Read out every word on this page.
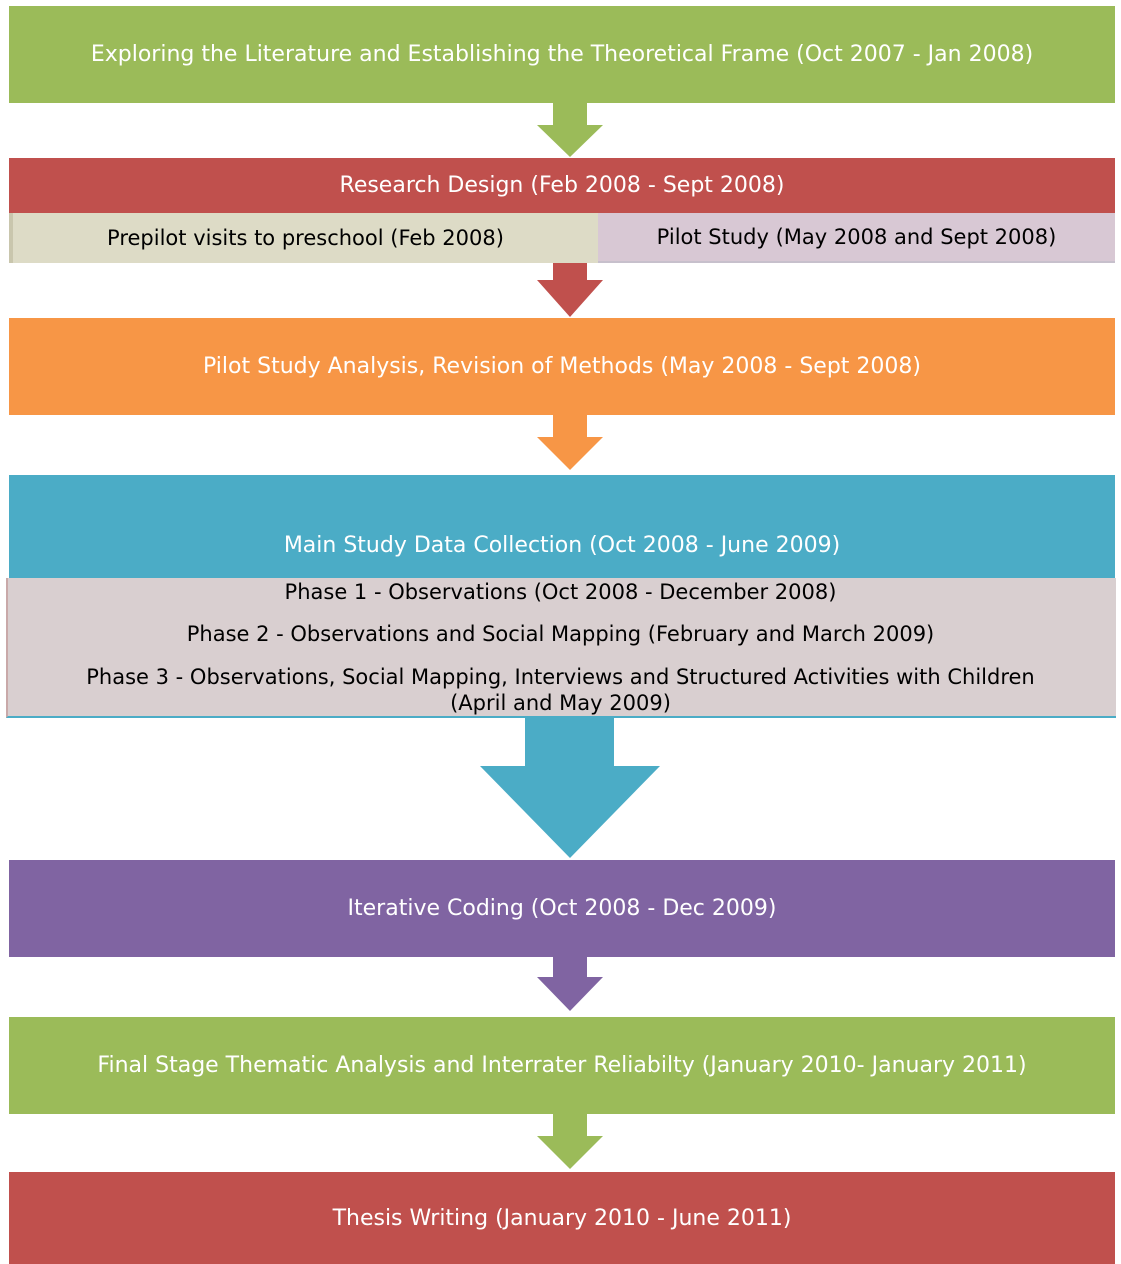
Exploring the Literature and Establishing the Theoretical Frame (Oct 2007 - Jan 2008)
Research Design (Feb 2008 - Sept 2008)
Prepilot visits to preschool (Feb 2008)	Pilot Study (May 2008 and Sept 2008)
Pilot Study Analysis, Revision of Methods (May 2008 - Sept 2008)
Main Study Data Collection (Oct 2008 - June 2009)
Phase 1 - Observations (Oct 2008 - December 2008)
Phase 2 - Observations and Social Mapping (February and March 2009)
Phase 3 - Observations, Social Mapping, Interviews and Structured Activities with Children
(April and May 2009)
Iterative Coding (Oct 2008 - Dec 2009)
Final Stage Thematic Analysis and Interrater Reliabilty (January 2010- January 2011)
Thesis Writing (January 2010 - June 2011)
